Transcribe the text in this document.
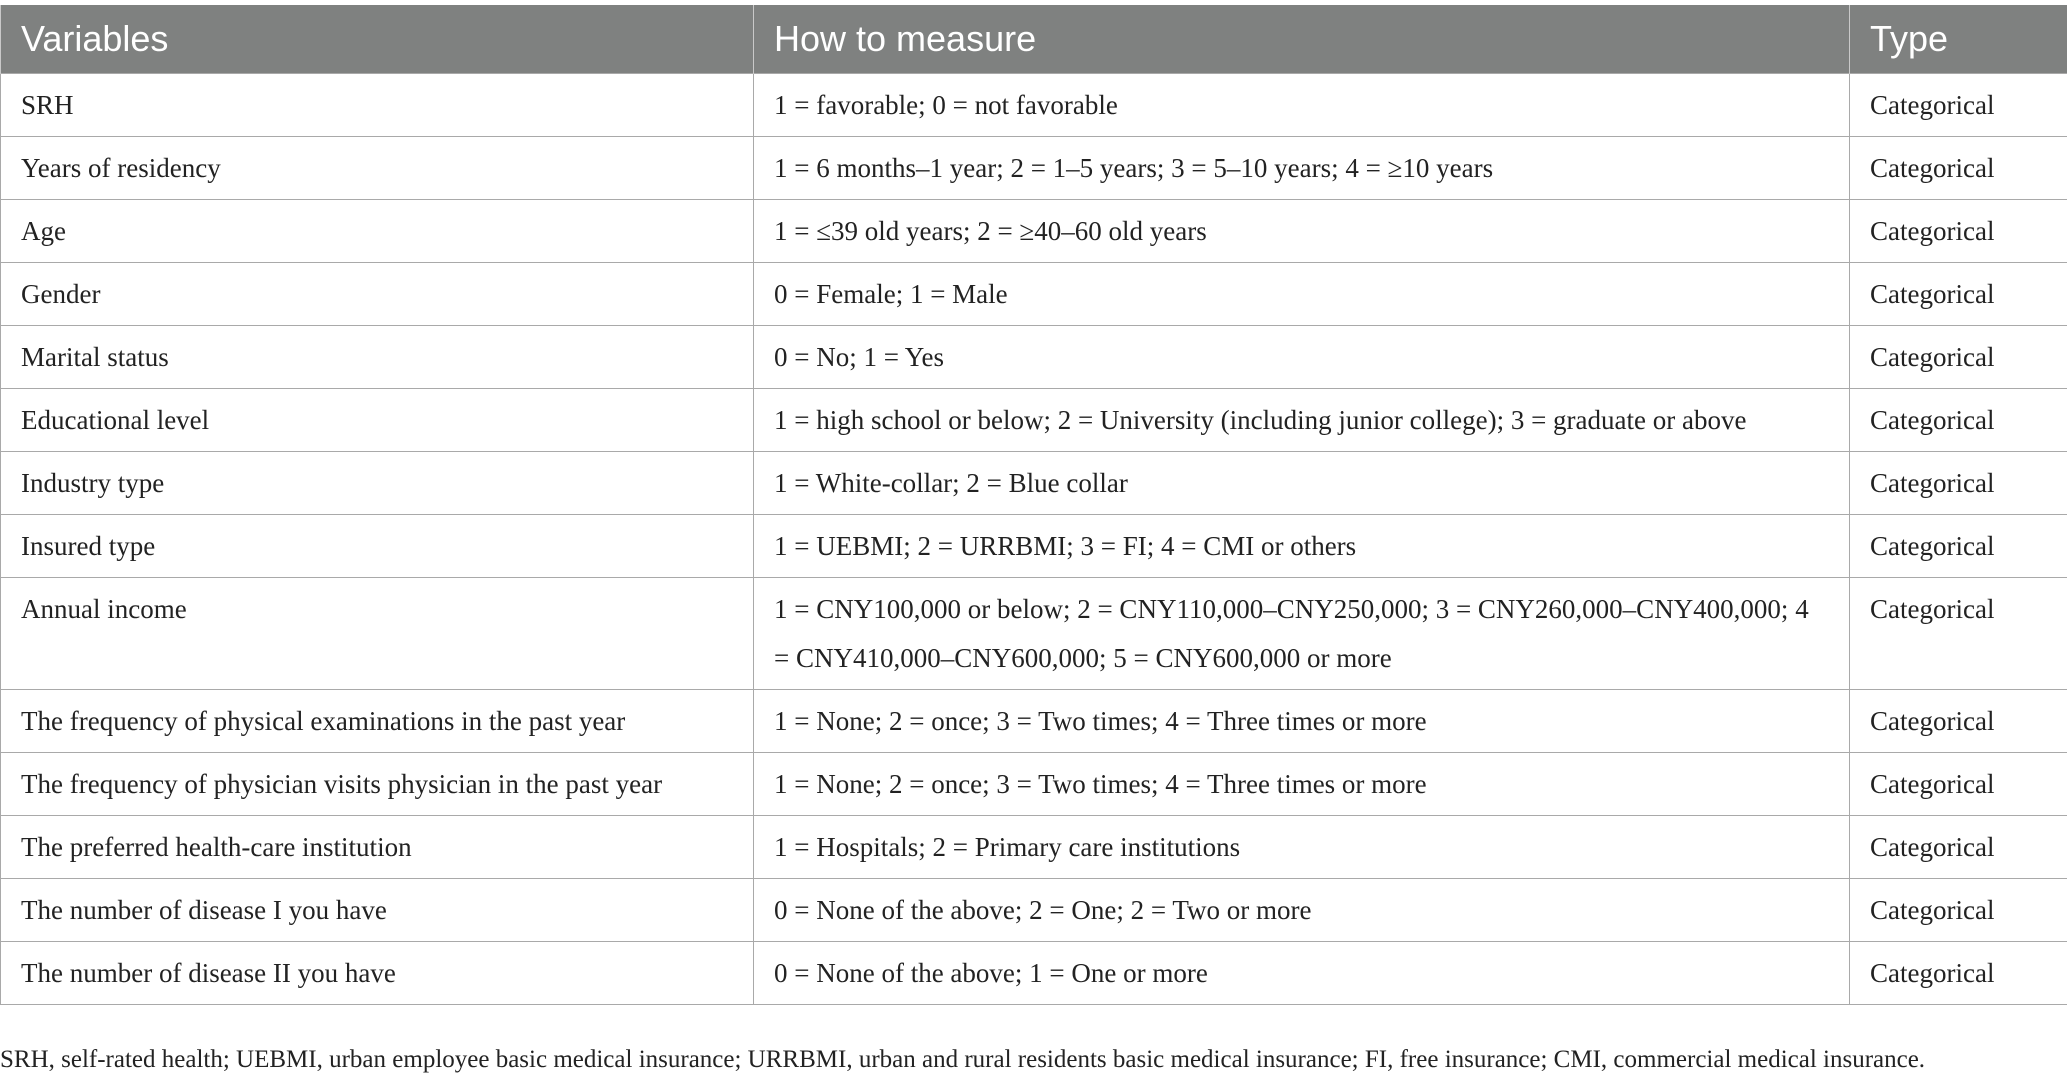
Variables	How to measure	Type
SRH	1 = favorable; 0 = not favorable	Categorical
Years of residency	1 = 6 months–1 year; 2 = 1–5 years; 3 = 5–10 years; 4 = ≥10 years	Categorical
Age	1 = ≤39 old years; 2 = ≥40–60 old years	Categorical
Gender	0 = Female; 1 = Male	Categorical
Marital status	0 = No; 1 = Yes	Categorical
Educational level	1 = high school or below; 2 = University (including junior college); 3 = graduate or above	Categorical
Industry type	1 = White-collar; 2 = Blue collar	Categorical
Insured type	1 = UEBMI; 2 = URRBMI; 3 = FI; 4 = CMI or others	Categorical
Annual income	1 = CNY100,000 or below; 2 = CNY110,000–CNY250,000; 3 = CNY260,000–CNY400,000; 4 = CNY410,000–CNY600,000; 5 = CNY600,000 or more	Categorical
The frequency of physical examinations in the past year	1 = None; 2 = once; 3 = Two times; 4 = Three times or more	Categorical
The frequency of physician visits physician in the past year	1 = None; 2 = once; 3 = Two times; 4 = Three times or more	Categorical
The preferred health-care institution	1 = Hospitals; 2 = Primary care institutions	Categorical
The number of disease I you have	0 = None of the above; 2 = One; 2 = Two or more	Categorical
The number of disease II you have	0 = None of the above; 1 = One or more	Categorical
SRH, self-rated health; UEBMI, urban employee basic medical insurance; URRBMI, urban and rural residents basic medical insurance; FI, free insurance; CMI, commercial medical insurance.
